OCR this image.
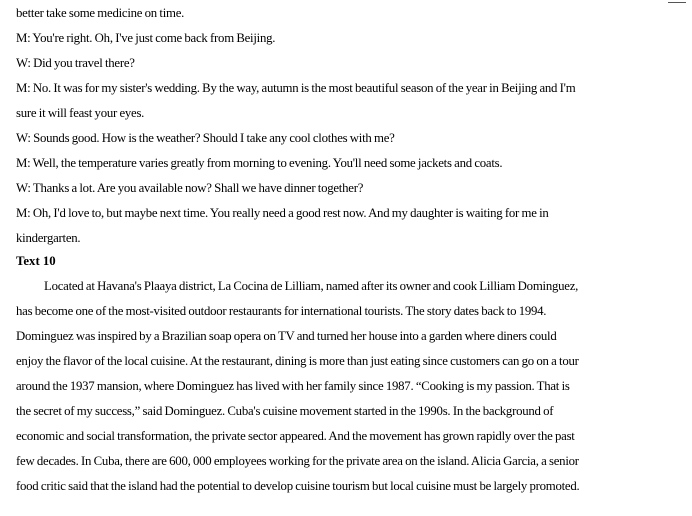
better take some medicine on time.
M: You're right. Oh, I've just come back from Beijing.
W: Did you travel there?
M: No. It was for my sister's wedding. By the way, autumn is the most beautiful season of the year in Beijing and I'm
sure it will feast your eyes.
W: Sounds good. How is the weather? Should I take any cool clothes with me?
M: Well, the temperature varies greatly from morning to evening. You'll need some jackets and coats.
W: Thanks a lot. Are you available now? Shall we have dinner together?
M: Oh, I'd love to, but maybe next time. You really need a good rest now. And my daughter is waiting for me in
kindergarten.
Text 10
Located at Havana's Plaaya district, La Cocina de Lilliam, named after its owner and cook Lilliam Dominguez,
has become one of the most-visited outdoor restaurants for international tourists. The story dates back to 1994.
Dominguez was inspired by a Brazilian soap opera on TV and turned her house into a garden where diners could
enjoy the flavor of the local cuisine. At the restaurant, dining is more than just eating since customers can go on a tour
around the 1937 mansion, where Dominguez has lived with her family since 1987. “Cooking is my passion. That is
the secret of my success,” said Dominguez. Cuba's cuisine movement started in the 1990s. In the background of
economic and social transformation, the private sector appeared. And the movement has grown rapidly over the past
few decades. In Cuba, there are 600, 000 employees working for the private area on the island. Alicia Garcia, a senior
food critic said that the island had the potential to develop cuisine tourism but local cuisine must be largely promoted.
